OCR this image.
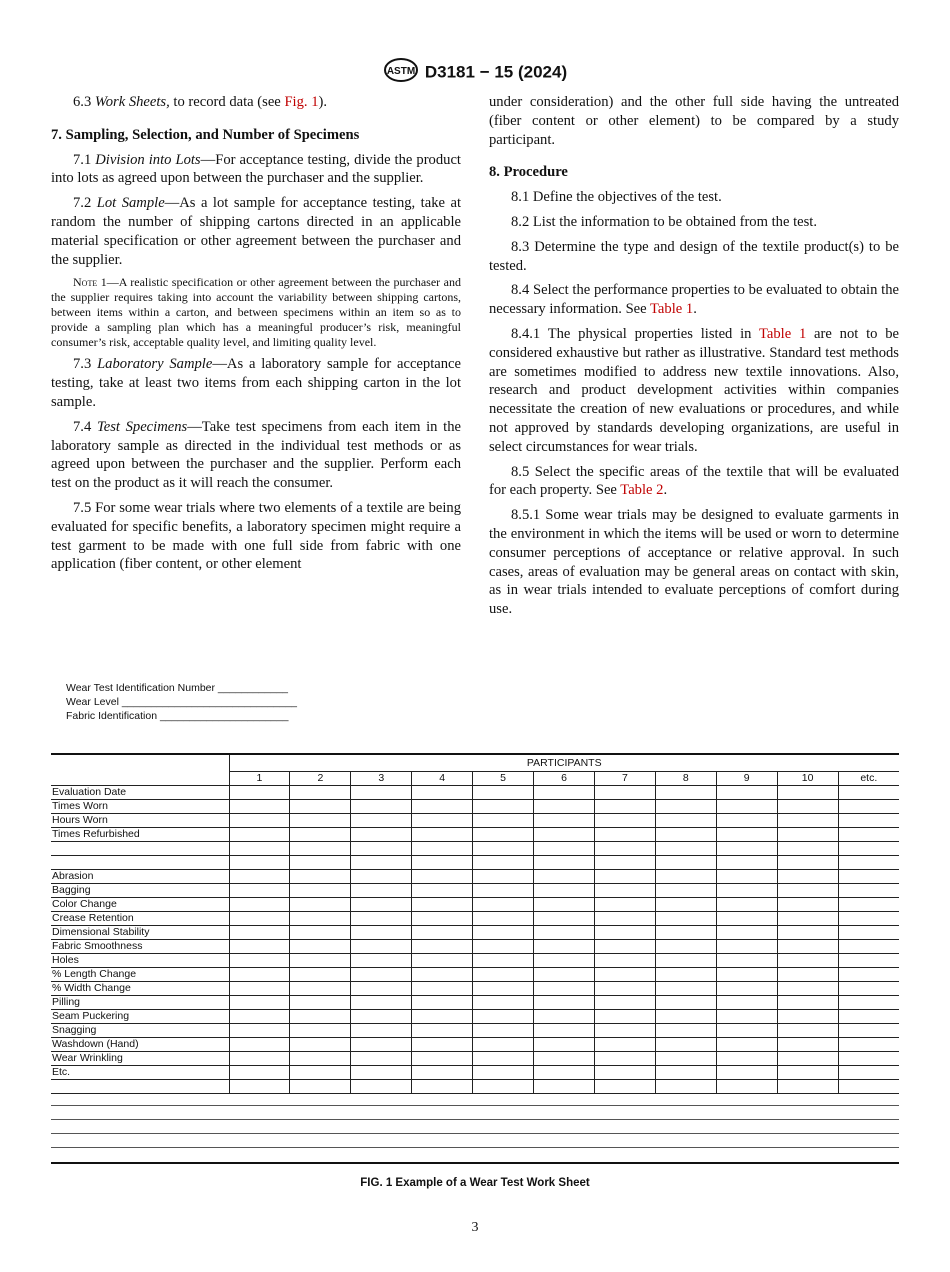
ASTM D3181 − 15 (2024)

6.3 Work Sheets, to record data (see Fig. 1).

7. Sampling, Selection, and Number of Specimens

7.1 Division into Lots—For acceptance testing, divide the product into lots as agreed upon between the purchaser and the supplier.

7.2 Lot Sample—As a lot sample for acceptance testing, take at random the number of shipping cartons directed in an applicable material specification or other agreement between the purchaser and the supplier.

Note 1—A realistic specification or other agreement between the purchaser and the supplier requires taking into account the variability between shipping cartons, between items within a carton, and between specimens within an item so as to provide a sampling plan which has a meaningful producer’s risk, meaningful consumer’s risk, acceptable quality level, and limiting quality level.

7.3 Laboratory Sample—As a laboratory sample for acceptance testing, take at least two items from each shipping carton in the lot sample.

7.4 Test Specimens—Take test specimens from each item in the laboratory sample as directed in the individual test methods or as agreed upon between the purchaser and the supplier. Perform each test on the product as it will reach the consumer.

7.5 For some wear trials where two elements of a textile are being evaluated for specific benefits, a laboratory specimen might require a test garment to be made with one full side from fabric with one application (fiber content, or other element

under consideration) and the other full side having the untreated (fiber content or other element) to be compared by a study participant.

8. Procedure

8.1 Define the objectives of the test.

8.2 List the information to be obtained from the test.

8.3 Determine the type and design of the textile product(s) to be tested.

8.4 Select the performance properties to be evaluated to obtain the necessary information. See Table 1.

8.4.1 The physical properties listed in Table 1 are not to be considered exhaustive but rather as illustrative. Standard test methods are sometimes modified to address new textile innovations. Also, research and product development activities within companies necessitate the creation of new evaluations or procedures, and while not approved by standards developing organizations, are useful in select circumstances for wear trials.

8.5 Select the specific areas of the textile that will be evaluated for each property. See Table 2.

8.5.1 Some wear trials may be designed to evaluate garments in the environment in which the items will be used or worn to determine consumer perceptions of acceptance or relative approval. In such cases, areas of evaluation may be general areas on contact with skin, as in wear trials intended to evaluate perceptions of comfort during use.

Wear Test Identification Number ____________
Wear Level ______________________________
Fabric Identification ______________________
	PARTICIPANTS										
	1	2	3	4	5	6	7	8	9	10	etc.
Evaluation Date											
Times Worn											
Hours Worn											
Times Refurbished											

Abrasion											
Bagging											
Color Change											
Crease Retention											
Dimensional Stability											
Fabric Smoothness											
Holes											
% Length Change											
% Width Change											
Pilling											
Seam Puckering											
Snagging											
Washdown (Hand)											
Wear Wrinkling											
Etc.											

FIG. 1 Example of a Wear Test Work Sheet
3
